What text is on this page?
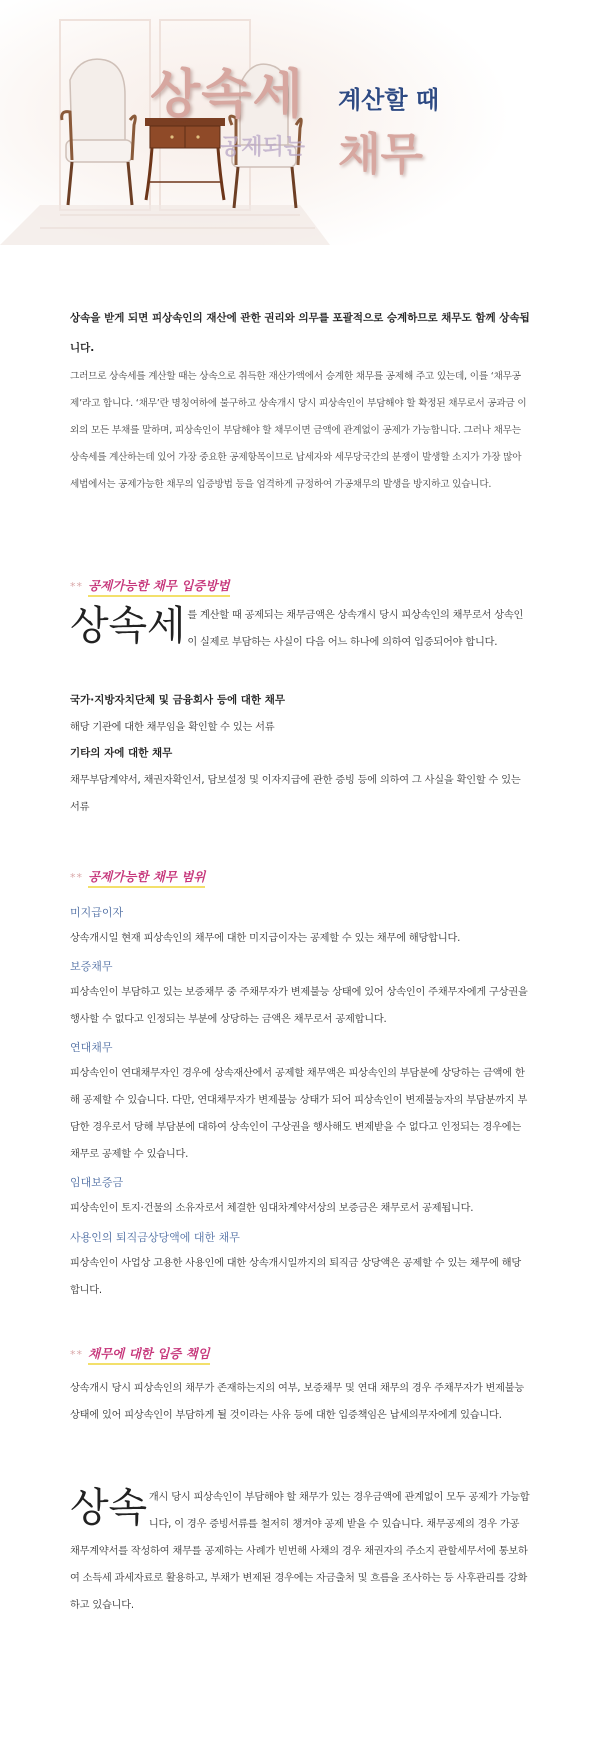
상속세 계산할 때
공제되는 채무
상속을 받게 되면 피상속인의 재산에 관한 권리와 의무를 포괄적으로 승계하므로 채무도 함께 상속됩니다.
그러므로 상속세를 계산할 때는 상속으로 취득한 재산가액에서 승계한 채무를 공제해 주고 있는데, 이를 ‘채무공제’라고 합니다. ‘채무’란 명칭여하에 불구하고 상속개시 당시 피상속인이 부담해야 할 확정된 채무로서 공과금 이외의 모든 부채를 말하며, 피상속인이 부담해야 할 채무이면 금액에 관계없이 공제가 가능합니다. 그러나 채무는 상속세를 계산하는데 있어 가장 중요한 공제항목이므로 납세자와 세무당국간의 분쟁이 발생할 소지가 가장 많아 세법에서는 공제가능한 채무의 입증방법 등을 엄격하게 규정하여 가공채무의 발생을 방지하고 있습니다.
** 공제가능한 채무 입증방법
상속세 를 계산할 때 공제되는 채무금액은 상속개시 당시 피상속인의 채무로서 상속인이 실제로 부담하는 사실이 다음 어느 하나에 의하여 입증되어야 합니다.
국가·지방자치단체 및 금융회사 등에 대한 채무
해당 기관에 대한 채무임을 확인할 수 있는 서류
기타의 자에 대한 채무
채무부담계약서, 채권자확인서, 담보설정 및 이자지급에 관한 증빙 등에 의하여 그 사실을 확인할 수 있는 서류
** 공제가능한 채무 범위
미지급이자
상속개시일 현재 피상속인의 채무에 대한 미지급이자는 공제할 수 있는 채무에 해당합니다.
보증채무
피상속인이 부담하고 있는 보증채무 중 주채무자가 변제불능 상태에 있어 상속인이 주채무자에게 구상권을 행사할 수 없다고 인정되는 부분에 상당하는 금액은 채무로서 공제합니다.
연대채무
피상속인이 연대채무자인 경우에 상속재산에서 공제할 채무액은 피상속인의 부담분에 상당하는 금액에 한해 공제할 수 있습니다. 다만, 연대채무자가 변제불능 상태가 되어 피상속인이 변제불능자의 부담분까지 부담한 경우로서 당해 부담분에 대하여 상속인이 구상권을 행사해도 변제받을 수 없다고 인정되는 경우에는 채무로 공제할 수 있습니다.
임대보증금
피상속인이 토지·건물의 소유자로서 체결한 임대차계약서상의 보증금은 채무로서 공제됩니다.
사용인의 퇴직금상당액에 대한 채무
피상속인이 사업상 고용한 사용인에 대한 상속개시일까지의 퇴직금 상당액은 공제할 수 있는 채무에 해당합니다.
** 채무에 대한 입증 책임
상속개시 당시 피상속인의 채무가 존재하는지의 여부, 보증채무 및 연대 채무의 경우 주채무자가 변제불능 상태에 있어 피상속인이 부담하게 될 것이라는 사유 등에 대한 입증책임은 납세의무자에게 있습니다.
상속 개시 당시 피상속인이 부담해야 할 채무가 있는 경우금액에 관계없이 모두 공제가 가능합니다, 이 경우 증빙서류를 철저히 챙겨야 공제 받을 수 있습니다. 채무공제의 경우 가공 채무계약서를 작성하여 채무를 공제하는 사례가 빈번해 사채의 경우 채권자의 주소지 관할세무서에 통보하여 소득세 과세자료로 활용하고, 부채가 변제된 경우에는 자금출처 및 흐름을 조사하는 등 사후관리를 강화하고 있습니다.
